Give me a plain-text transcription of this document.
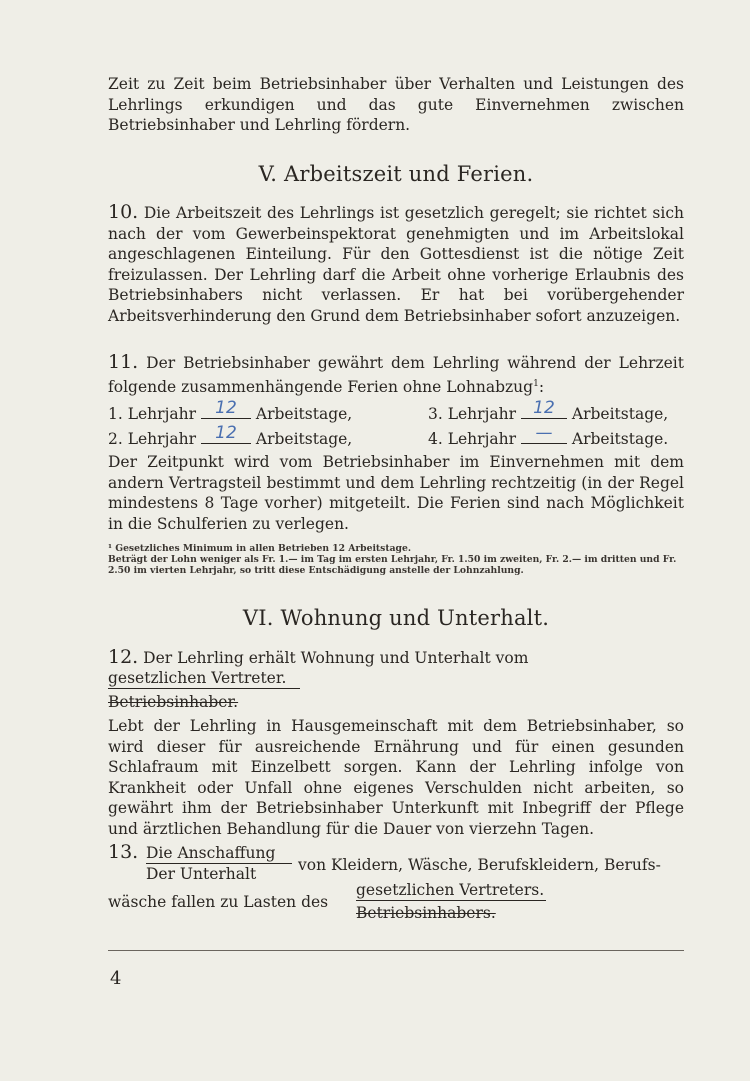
Zeit zu Zeit beim Betriebsinhaber über Verhalten und Leistungen des Lehrlings erkundigen und das gute Einvernehmen zwischen Betriebsinhaber und Lehrling fördern.

V. Arbeitszeit und Ferien.

10. Die Arbeitszeit des Lehrlings ist gesetzlich geregelt; sie richtet sich nach der vom Gewerbeinspektorat genehmigten und im Arbeitslokal angeschlagenen Einteilung. Für den Gottesdienst ist die nötige Zeit freizulassen. Der Lehrling darf die Arbeit ohne vorherige Erlaubnis des Betriebsinhabers nicht verlassen. Er hat bei vorübergehender Arbeitsverhinderung den Grund dem Betriebsinhaber sofort anzuzeigen.

11. Der Betriebsinhaber gewährt dem Lehrling während der Lehrzeit folgende zusammenhängende Ferien ohne Lohnabzug$^1$:

1. Lehrjahr	12	Arbeitstage,	3. Lehrjahr	12	Arbeitstage,
2. Lehrjahr	12	Arbeitstage,	4. Lehrjahr	—	Arbeitstage.

Der Zeitpunkt wird vom Betriebsinhaber im Einvernehmen mit dem andern Vertragsteil bestimmt und dem Lehrling rechtzeitig (in der Regel mindestens 8 Tage vorher) mitgeteilt. Die Ferien sind nach Möglichkeit in die Schulferien zu verlegen.

¹ Gesetzliches Minimum in allen Betrieben 12 Arbeitstage.

Beträgt der Lohn weniger als Fr. 1.— im Tag im ersten Lehrjahr, Fr. 1.50 im zweiten, Fr. 2.— im dritten und Fr. 2.50 im vierten Lehrjahr, so tritt diese Entschädigung anstelle der Lohnzahlung.

VI. Wohnung und Unterhalt.
12. Der Lehrling erhält Wohnung und Unterhalt vom
gesetzlichen Vertreter.
Betriebsinhaber.

Lebt der Lehrling in Hausgemeinschaft mit dem Betriebsinhaber, so wird dieser für ausreichende Ernährung und für einen gesunden Schlafraum mit Einzelbett sorgen. Kann der Lehrling infolge von Krankheit oder Unfall ohne eigenes Verschulden nicht arbeiten, so gewährt ihm der Betriebsinhaber Unterkunft mit Inbegriff der Pflege und ärztlichen Behandlung für die Dauer von vierzehn Tagen.

13. Die Anschaffung
Der Unterhalt	von Kleidern, Wäsche, Berufskleidern, Berufs-
wäsche fallen zu Lasten des
gesetzlichen Vertreters.
Betriebsinhabers.
4
